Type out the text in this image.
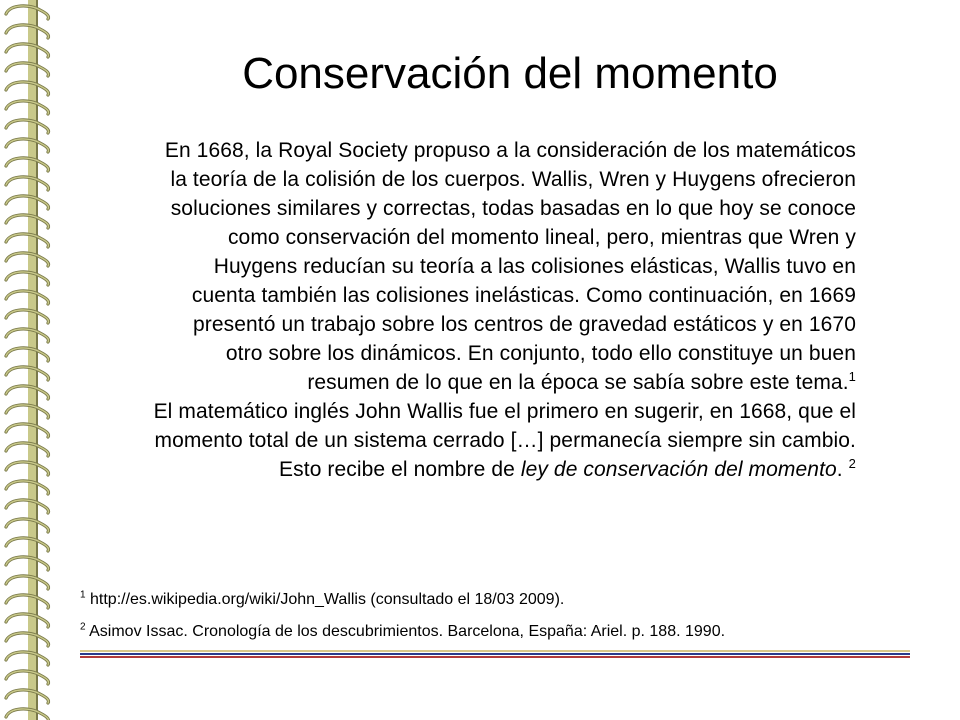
Conservación del momento

En 1668, la Royal Society propuso a la consideración de los matemáticos
la teoría de la colisión de los cuerpos. Wallis, Wren y Huygens ofrecieron
soluciones similares y correctas, todas basadas en lo que hoy se conoce
como conservación del momento lineal, pero, mientras que Wren y
Huygens reducían su teoría a las colisiones elásticas, Wallis tuvo en
cuenta también las colisiones inelásticas. Como continuación, en 1669
presentó un trabajo sobre los centros de gravedad estáticos y en 1670
otro sobre los dinámicos. En conjunto, todo ello constituye un buen
resumen de lo que en la época se sabía sobre este tema.$^1$

El matemático inglés John Wallis fue el primero en sugerir, en 1668, que el
momento total de un sistema cerrado […] permanecía siempre sin cambio.
Esto recibe el nombre de ley de conservación del momento. $^2$

$^1$ http://es.wikipedia.org/wiki/John_Wallis (consultado el 18/03 2009).

$^2$ Asimov Issac. Cronología de los descubrimientos. Barcelona, España: Ariel. p. 188. 1990.
